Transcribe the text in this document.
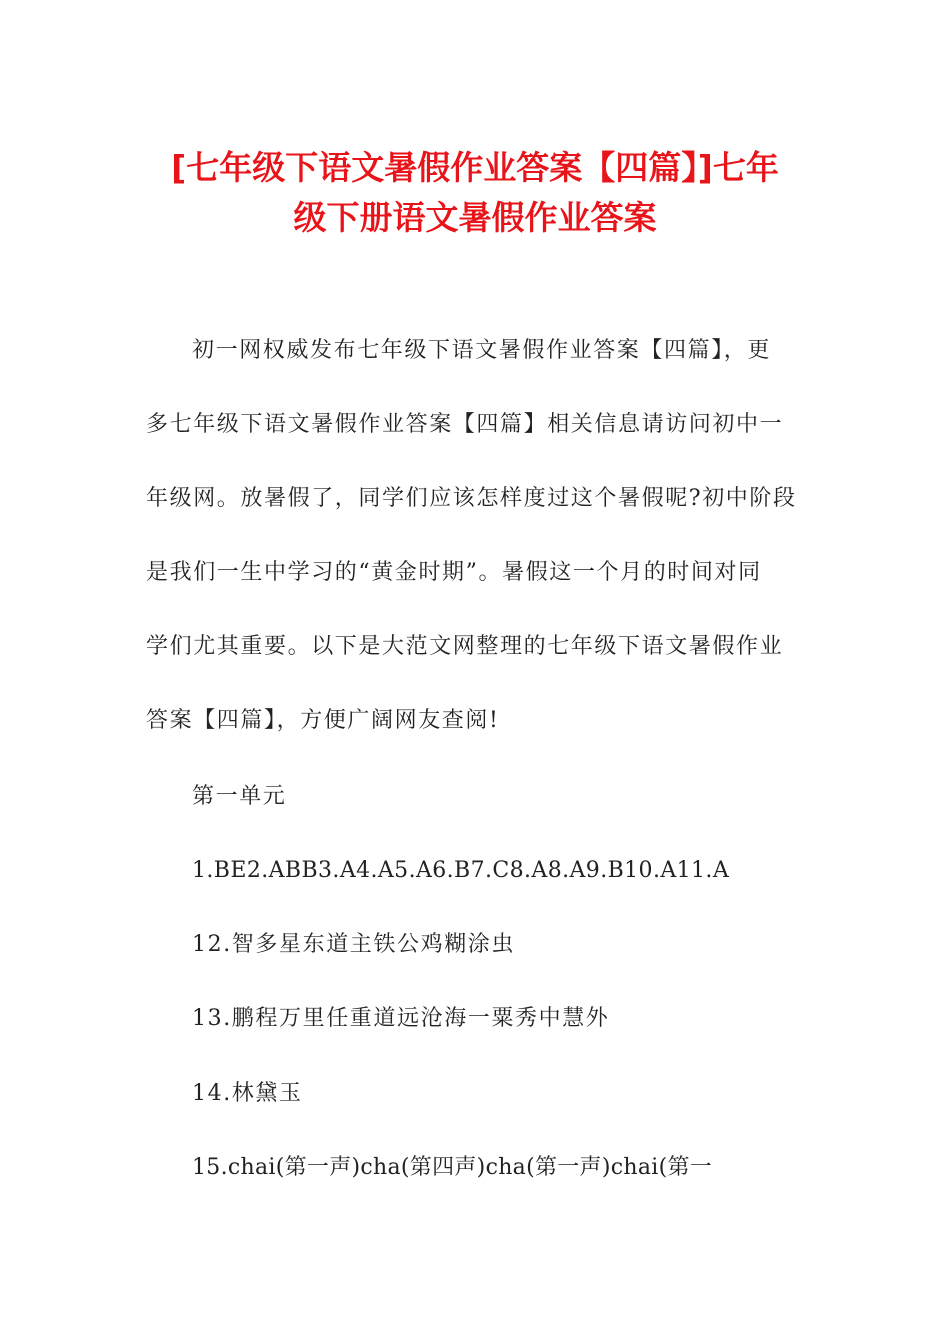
[七年级下语文暑假作业答案【四篇】]七年
级下册语文暑假作业答案
初一网权威发布七年级下语文暑假作业答案【四篇】，更
多七年级下语文暑假作业答案【四篇】相关信息请访问初中一
年级网。放暑假了，同学们应该怎样度过这个暑假呢?初中阶段
是我们一生中学习的“黄金时期”。暑假这一个月的时间对同
学们尤其重要。以下是大范文网整理的七年级下语文暑假作业
答案【四篇】，方便广阔网友查阅!
第一单元
1.BE2.ABB3.A4.A5.A6.B7.C8.A8.A9.B10.A11.A
12.智多星东道主铁公鸡糊涂虫
13.鹏程万里任重道远沧海一粟秀中慧外
14.林黛玉
15.chai(第一声)cha(第四声)cha(第一声)chai(第一
